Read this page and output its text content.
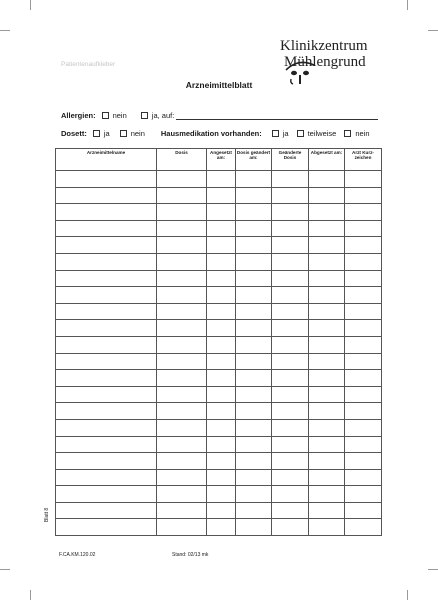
Patientenaufkleber
Klinikzentrum
Mühlengrund
Arzneimittelblatt
Allergien: nein	ja, auf:
Dosett: ja	nein Hausmedikation vorhanden:	ja	teilweise	nein
Arzneimittelname	Dosis	Angesetzt am:	Dosis geändert am:	Geänderte Dosis	Abgesetzt am:	Arzt Kurz-zeichen

Blatt 8
F.CA.KM.120.02	Stand: 02/13 mk
